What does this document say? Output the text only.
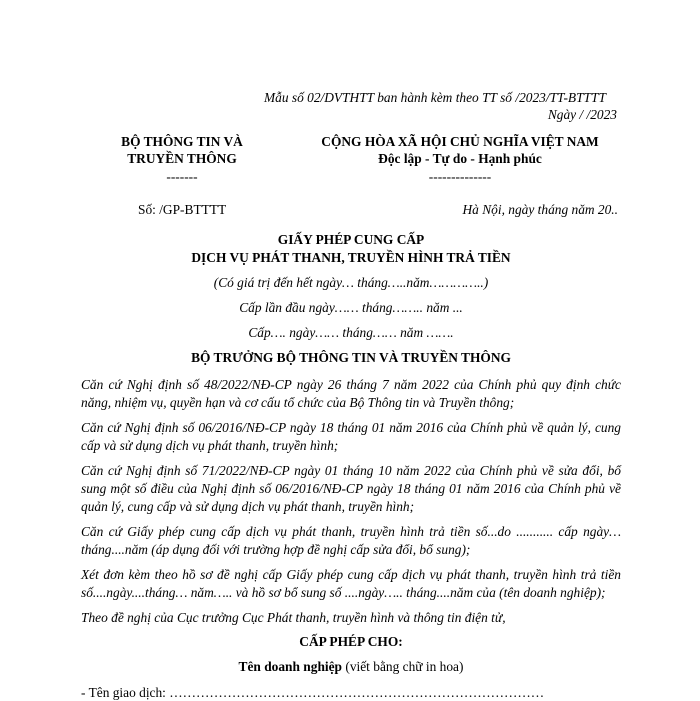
Mẫu số 02/DVTHTT ban hành kèm theo TT số /2023/TT-BTTTT
Ngày / /2023
BỘ THÔNG TIN VÀ
TRUYỀN THÔNG
-------
CỘNG HÒA XÃ HỘI CHỦ NGHĨA VIỆT NAM
Độc lập - Tự do - Hạnh phúc
--------------
Số: /GP-BTTTT	Hà Nội, ngày tháng năm 20..
GIẤY PHÉP CUNG CẤP
DỊCH VỤ PHÁT THANH, TRUYỀN HÌNH TRẢ TIỀN
(Có giá trị đến hết ngày… tháng…..năm…………..)
Cấp lần đầu ngày…… tháng…….. năm ...
Cấp…. ngày…… tháng…… năm …….
BỘ TRƯỞNG BỘ THÔNG TIN VÀ TRUYỀN THÔNG
Căn cứ Nghị định số 48/2022/NĐ-CP ngày 26 tháng 7 năm 2022 của Chính phủ quy định chức năng, nhiệm vụ, quyền hạn và cơ cấu tổ chức của Bộ Thông tin và Truyền thông;
Căn cứ Nghị định số 06/2016/NĐ-CP ngày 18 tháng 01 năm 2016 của Chính phủ về quản lý, cung cấp và sử dụng dịch vụ phát thanh, truyền hình;
Căn cứ Nghị định số 71/2022/NĐ-CP ngày 01 tháng 10 năm 2022 của Chính phủ về sửa đổi, bổ sung một số điều của Nghị định số 06/2016/NĐ-CP ngày 18 tháng 01 năm 2016 của Chính phủ về quản lý, cung cấp và sử dụng dịch vụ phát thanh, truyền hình;
Căn cứ Giấy phép cung cấp dịch vụ phát thanh, truyền hình trả tiền số...do ........... cấp ngày… tháng....năm (áp dụng đối với trường hợp đề nghị cấp sửa đổi, bổ sung);
Xét đơn kèm theo hồ sơ đề nghị cấp Giấy phép cung cấp dịch vụ phát thanh, truyền hình trả tiền số....ngày....tháng… năm….. và hồ sơ bổ sung số ....ngày….. tháng....năm của (tên doanh nghiệp);
Theo đề nghị của Cục trưởng Cục Phát thanh, truyền hình và thông tin điện tử,
CẤP PHÉP CHO:
Tên doanh nghiệp (viết bằng chữ in hoa)
- Tên giao dịch: …………………………………………………………………………
